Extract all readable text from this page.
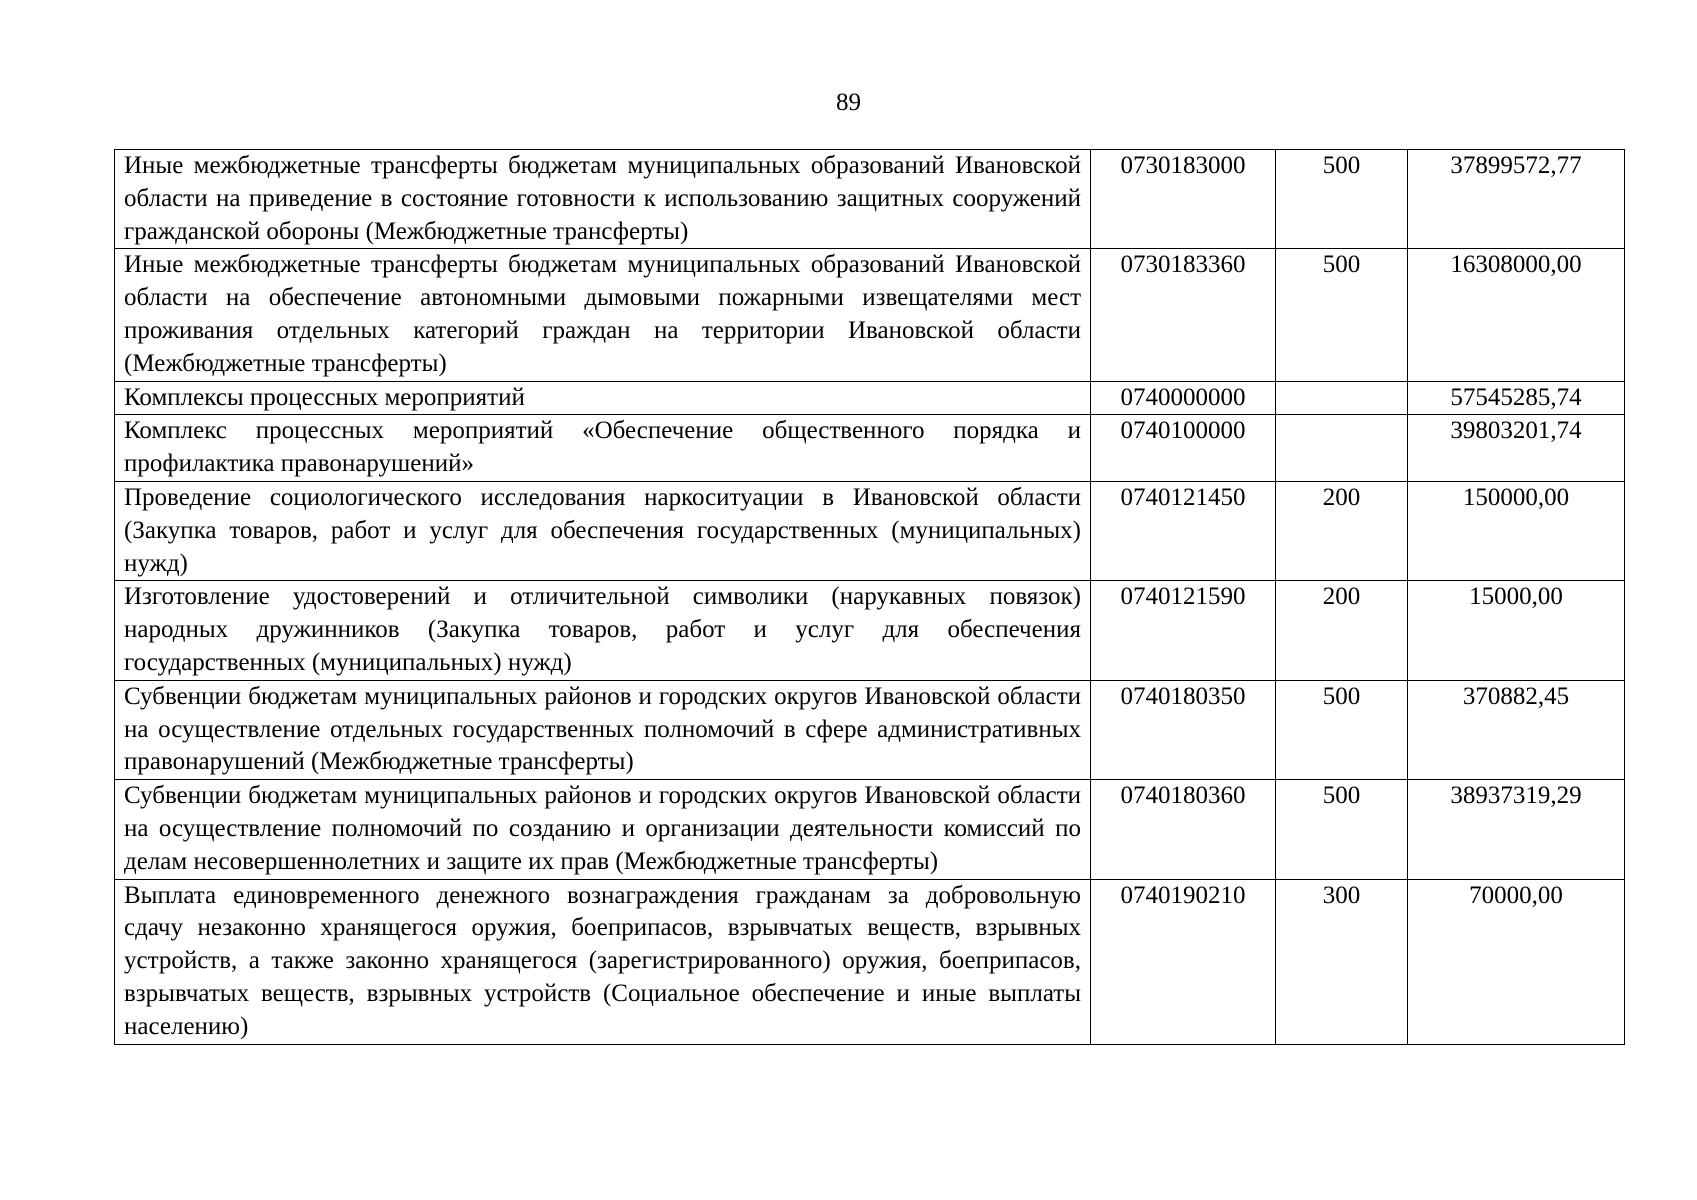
89
Иные межбюджетные трансферты бюджетам муниципальных образований Ивановской области на приведение в состояние готовности к использованию защитных сооружений гражданской обороны (Межбюджетные трансферты)	0730183000	500	37899572,77
Иные межбюджетные трансферты бюджетам муниципальных образований Ивановской области на обеспечение автономными дымовыми пожарными извещателями мест проживания отдельных категорий граждан на территории Ивановской области (Межбюджетные трансферты)	0730183360	500	16308000,00
Комплексы процессных мероприятий	0740000000		57545285,74
Комплекс процессных мероприятий «Обеспечение общественного порядка и профилактика правонарушений»	0740100000		39803201,74
Проведение социологического исследования наркоситуации в Ивановской области (Закупка товаров, работ и услуг для обеспечения государственных (муниципальных) нужд)	0740121450	200	150000,00
Изготовление удостоверений и отличительной символики (нарукавных повязок) народных дружинников (Закупка товаров, работ и услуг для обеспечения государственных (муниципальных) нужд)	0740121590	200	15000,00
Субвенции бюджетам муниципальных районов и городских округов Ивановской области на осуществление отдельных государственных полномочий в сфере административных правонарушений (Межбюджетные трансферты)	0740180350	500	370882,45
Субвенции бюджетам муниципальных районов и городских округов Ивановской области на осуществление полномочий по созданию и организации деятельности комиссий по делам несовершеннолетних и защите их прав (Межбюджетные трансферты)	0740180360	500	38937319,29
Выплата единовременного денежного вознаграждения гражданам за добровольную сдачу незаконно хранящегося оружия, боеприпасов, взрывчатых веществ, взрывных устройств, а также законно хранящегося (зарегистрированного) оружия, боеприпасов, взрывчатых веществ, взрывных устройств (Социальное обеспечение и иные выплаты населению)	0740190210	300	70000,00
